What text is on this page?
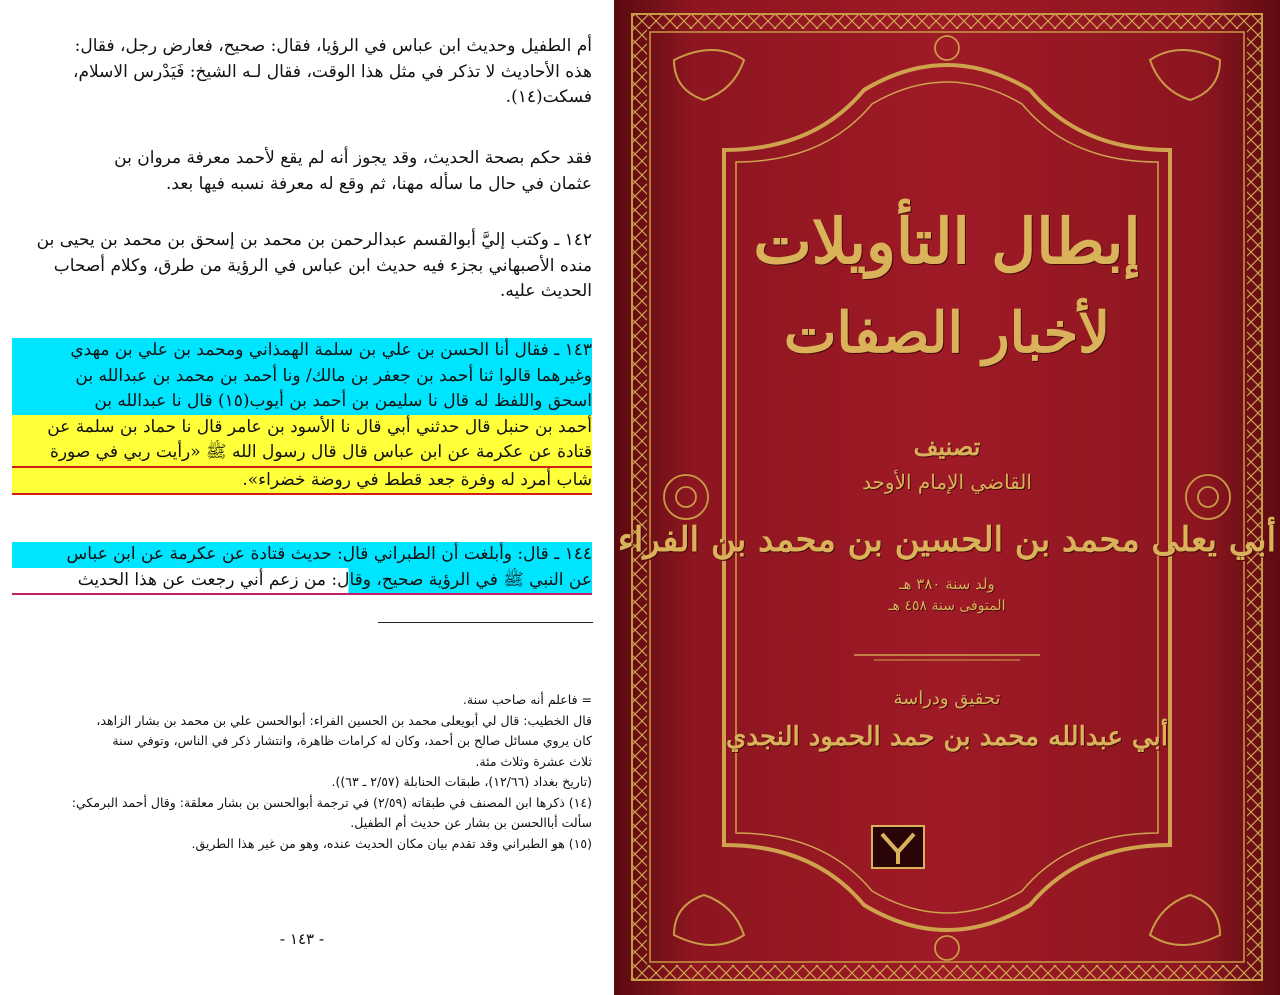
أم الطفيل وحديث ابن عباس في الرؤيا، فقال: صحيح، فعارض رجل، فقال:
هذه الأحاديث لا تذكر في مثل هذا الوقت، فقال لـه الشيخ: فَيَدْرس الاسلام،
فسكت(١٤).
فقد حكم بصحة الحديث، وقد يجوز أنه لم يقع لأحمد معرفة مروان بن
عثمان في حال ما سأله مهنا، ثم وقع له معرفة نسبه فيها بعد.
١٤٢ ـ وكتب إليَّ أبوالقسم عبدالرحمن بن محمد بن إسحق بن محمد بن يحيى بن
منده الأصبهاني بجزء فيه حديث ابن عباس في الرؤية من طرق، وكلام أصحاب
الحديث عليه.
١٤٣ ـ فقال أنا الحسن بن علي بن سلمة الهمذاني ومحمد بن علي بن مهدي
وغيرهما قالوا ثنا أحمد بن جعفر بن مالك/ ونا أحمد بن محمد بن عبدالله بن
اسحق واللفظ له قال نا سليمن بن أحمد بن أيوب(١٥) قال نا عبدالله بن
أحمد بن حنبل قال حدثني أبي قال نا الأسود بن عامر قال نا حماد بن سلمة عن
قتادة عن عكرمة عن ابن عباس قال قال رسول الله ﷺ «رأيت ربي في صورة
شاب أمرد له وفرة جعد قطط في روضة خضراء».
١٤٤ ـ قال: وأبلغت أن الطبراني قال: حديث قتادة عن عكرمة عن ابن عباس
عن النبي ﷺ في الرؤية صحيح، وقال: من زعم أني رجعت عن هذا الحديث
= فاعلم أنه صاحب سنة.
قال الخطيب: قال لي أبويعلى محمد بن الحسين الفراء: أبوالحسن علي بن محمد بن بشار الزاهد،
كان يروي مسائل صالح بن أحمد، وكان له كرامات ظاهرة، وانتشار ذكر في الناس، وتوفي سنة
ثلاث عشرة وثلاث مئة.
(تاريخ بغداد (١٢/٦٦)، طبقات الحنابلة (٢/٥٧ ـ ٦٣)).
(١٤) ذكرها ابن المصنف في طبقاته (٢/٥٩) في ترجمة أبوالحسن بن بشار معلقة: وقال أحمد البرمكي:
سألت أباالحسن بن بشار عن حديث أم الطفيل.
(١٥) هو الطبراني وقد تقدم بيان مكان الحديث عنده، وهو من غير هذا الطريق.
- ١٤٣ -
إبطال التأويلات
لأخبار الصفات
تصنيف
القاضي الإمام الأوحد
أبي يعلى محمد بن الحسين بن محمد بن الفراء
ولد سنة ٣٨٠ هـ
المتوفى سنة ٤٥٨ هـ
تحقيق ودراسة
أبي عبدالله محمد بن حمد الحمود النجدي
